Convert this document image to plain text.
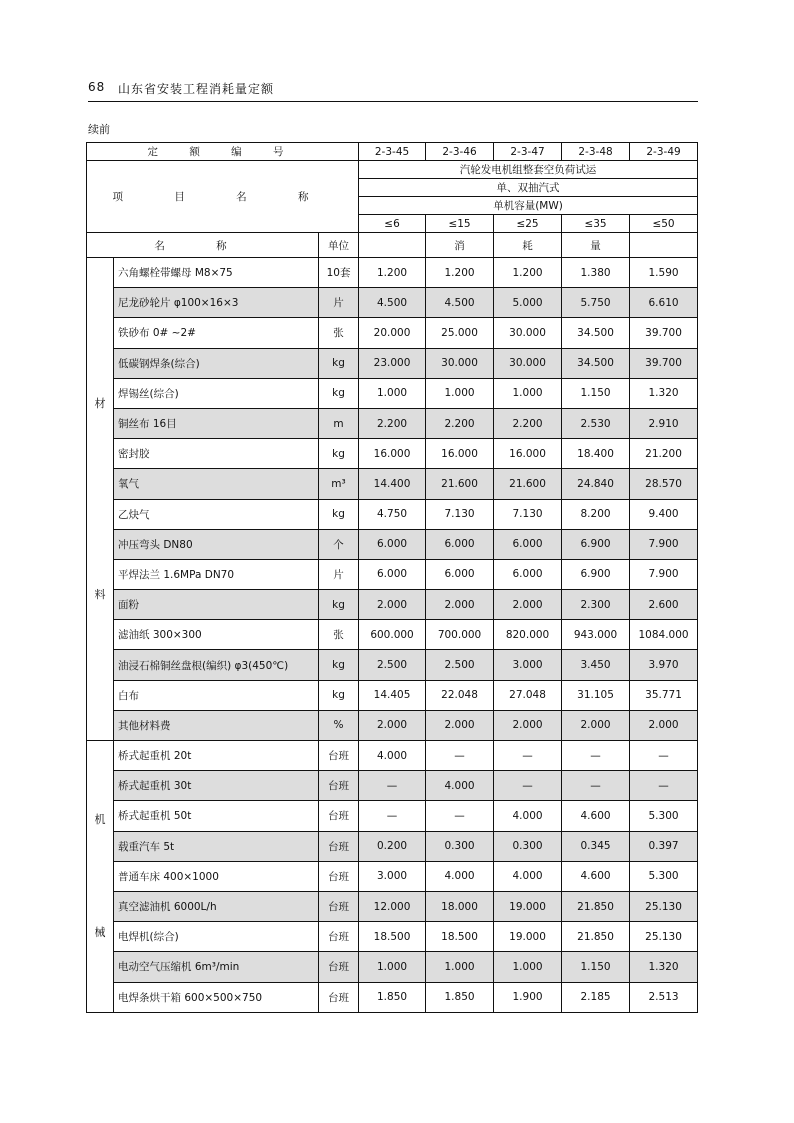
68 山东省安装工程消耗量定额
续前
定 额 编 号			2-3-45	2-3-46	2-3-47	2-3-48	2-3-49
项 目 名 称			汽轮发电机组整套空负荷试运				
			单、双抽汽式				
			单机容量(MW)				
			≤6	≤15	≤25	≤35	≤50
名 称		单位		消	耗	量	

材
料	六角螺栓带螺母 M8×75	10套	1.200	1.200	1.200	1.380	1.590
	尼龙砂轮片 φ100×16×3	片	4.500	4.500	5.000	5.750	6.610
	铁砂布 0# ~2#	张	20.000	25.000	30.000	34.500	39.700
	低碳钢焊条(综合)	kg	23.000	30.000	30.000	34.500	39.700
	焊锡丝(综合)	kg	1.000	1.000	1.000	1.150	1.320
	铜丝布 16目	m	2.200	2.200	2.200	2.530	2.910
	密封胶	kg	16.000	16.000	16.000	18.400	21.200
	氧气	m³	14.400	21.600	21.600	24.840	28.570
	乙炔气	kg	4.750	7.130	7.130	8.200	9.400
	冲压弯头 DN80	个	6.000	6.000	6.000	6.900	7.900
	平焊法兰 1.6MPa DN70	片	6.000	6.000	6.000	6.900	7.900
	面粉	kg	2.000	2.000	2.000	2.300	2.600
	滤油纸 300×300	张	600.000	700.000	820.000	943.000	1084.000
	油浸石棉铜丝盘根(编织) φ3(450℃)	kg	2.500	2.500	3.000	3.450	3.970
	白布	kg	14.405	22.048	27.048	31.105	35.771
	其他材料费	%	2.000	2.000	2.000	2.000	2.000

机
械	桥式起重机 20t	台班	4.000	—	—	—	—
	桥式起重机 30t	台班	—	4.000	—	—	—
	桥式起重机 50t	台班	—	—	4.000	4.600	5.300
	载重汽车 5t	台班	0.200	0.300	0.300	0.345	0.397
	普通车床 400×1000	台班	3.000	4.000	4.000	4.600	5.300
	真空滤油机 6000L/h	台班	12.000	18.000	19.000	21.850	25.130
	电焊机(综合)	台班	18.500	18.500	19.000	21.850	25.130
	电动空气压缩机 6m³/min	台班	1.000	1.000	1.000	1.150	1.320
	电焊条烘干箱 600×500×750	台班	1.850	1.850	1.900	2.185	2.513
